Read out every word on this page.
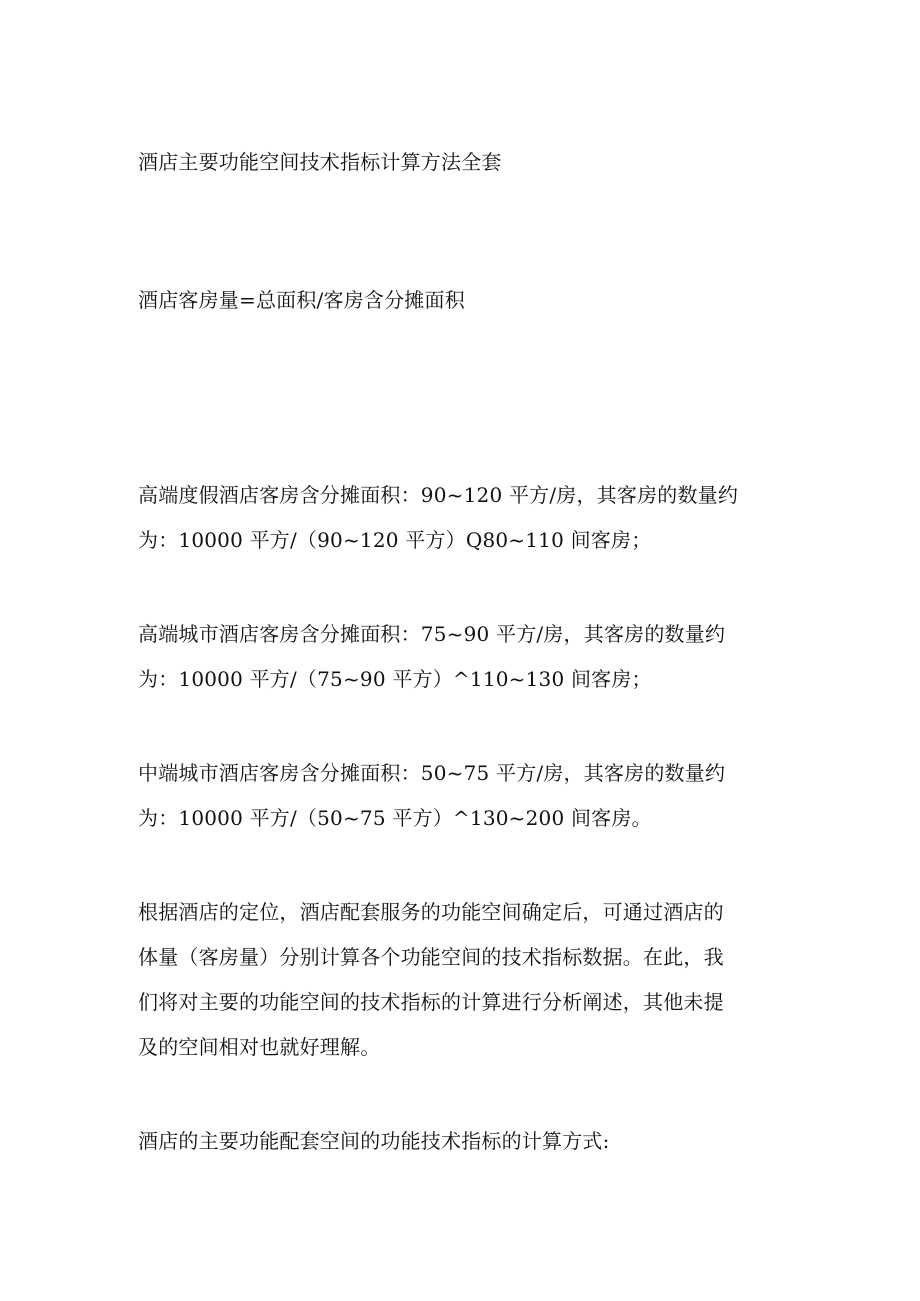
酒店主要功能空间技术指标计算方法全套
酒店客房量=总面积/客房含分摊面积
高端度假酒店客房含分摊面积：90~120 平方/房，其客房的数量约
为：10000 平方/（90~120 平方）Q80~110 间客房；
高端城市酒店客房含分摊面积：75~90 平方/房，其客房的数量约
为：10000 平方/（75~90 平方）^110~130 间客房；
中端城市酒店客房含分摊面积：50~75 平方/房，其客房的数量约
为：10000 平方/（50~75 平方）^130~200 间客房。
根据酒店的定位，酒店配套服务的功能空间确定后，可通过酒店的
体量（客房量）分别计算各个功能空间的技术指标数据。在此，我
们将对主要的功能空间的技术指标的计算进行分析阐述，其他未提
及的空间相对也就好理解。
酒店的主要功能配套空间的功能技术指标的计算方式:
